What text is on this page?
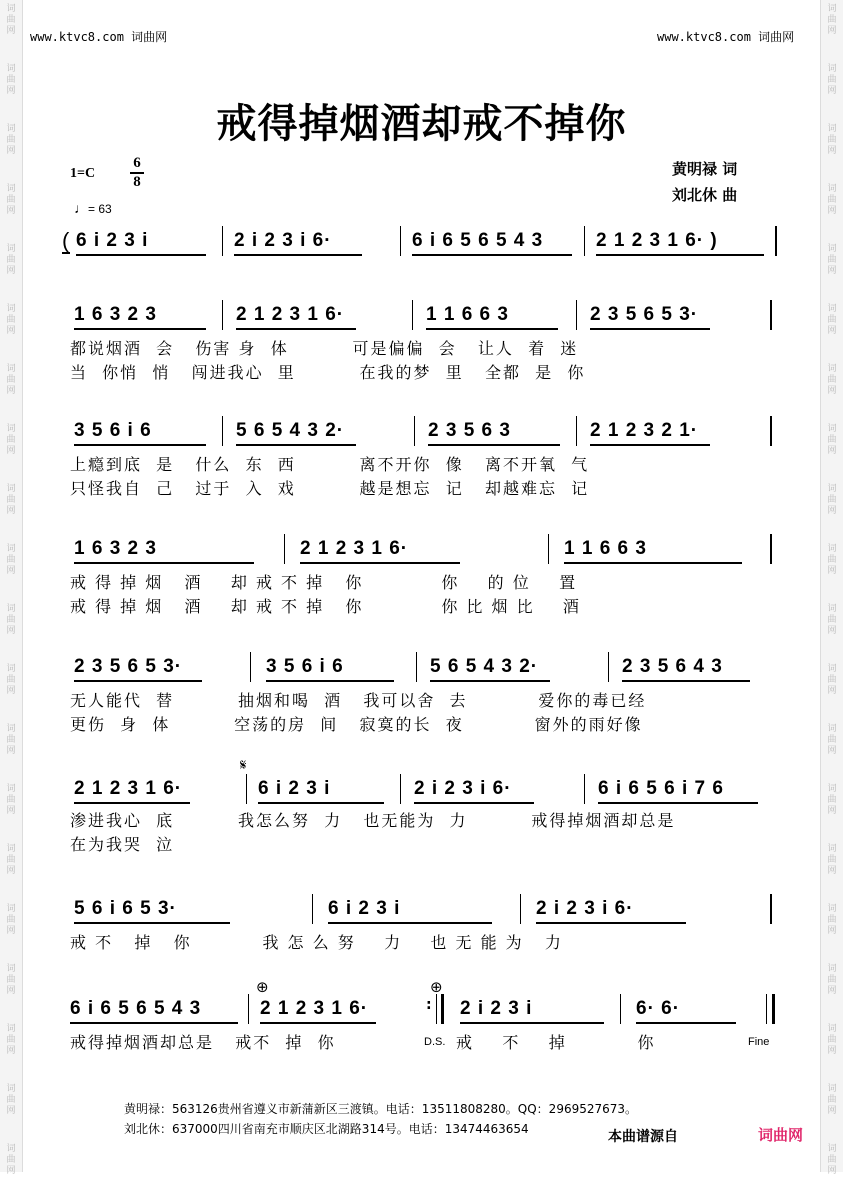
词
曲
网
词
曲
网
词
曲
网
词
曲
网
词
曲
网
词
曲
网
词
曲
网
词
曲
网
词
曲
网
词
曲
网
词
曲
网
词
曲
网
词
曲
网
词
曲
网
词
曲
网
词
曲
网
词
曲
网
词
曲
网
词
曲
网
词
曲
网
词
曲
网
词
曲
网
词
曲
网
词
曲
网
词
曲
网
词
曲
网
词
曲
网
词
曲
网
词
曲
网
词
曲
网
词
曲
网
词
曲
网
词
曲
网
词
曲
网
词
曲
网
词
曲
网
词
曲
网
词
曲
网
词
曲
网
词
曲
网
www.ktvc8.com 词曲网	www.ktvc8.com 词曲网
戒得掉烟酒却戒不掉你
1=C
6
8
♩= 63
黄明禄 词
刘北休 曲
( 6 i 2 3 i	2 i 2 3 i 6·	6 i 6 5 6 5 4 3	2 1 2 3 1 6· )
1 6 3 2 3	2 1 2 3 1 6·	1 1 6 6 3	2 3 5 6 5 3·
都说烟酒  会   伤害 身  体         可是偏偏  会   让人  着  迷
当  你悄  悄   闯进我心  里         在我的梦  里   全都  是  你
3 5 6 i 6	5 6 5 4 3 2·	2 3 5 6 3	2 1 2 3 2 1·
上瘾到底  是   什么  东  西         离不开你  像   离不开氧  气
只怪我自  己   过于  入  戏         越是想忘  记   却越难忘  记
1 6 3 2 3	2 1 2 3 1 6·	1 1 6 6 3
戒 得 掉 烟   酒    却 戒 不 掉   你           你    的 位    置
戒 得 掉 烟   酒    却 戒 不 掉   你           你 比 烟 比    酒
2 3 5 6 5 3·	3 5 6 i 6	5 6 5 4 3 2·	2 3 5 6 4 3
无人能代  替         抽烟和喝  酒   我可以舍  去          爱你的毒已经
更伤  身  体         空荡的房  间   寂寞的长  夜          窗外的雨好像
𝄋
2 1 2 3 1 6·	6 i 2 3 i	2 i 2 3 i 6·	6 i 6 5 6 i 7 6
渗进我心  底         我怎么努  力   也无能为  力         戒得掉烟酒却总是
在为我哭  泣
5 6 i 6 5 3·	6 i 2 3 i	2 i 2 3 i 6·
戒 不   掉   你          我 怎 么 努    力    也 无 能 为   力
⊕	⊕
6 i 6 5 6 5 4 3	2 1 2 3 1 6·	: 2 i 2 3 i	6· 6·
戒得掉烟酒却总是   戒不  掉  你	D.S. 戒    不    掉          你	Fine
黄明禄：563126贵州省遵义市新蒲新区三渡镇。电话：13511808280。QQ：2969527673。
刘北休：637000四川省南充市顺庆区北湖路314号。电话：13474463654	本曲谱源自	词曲网
